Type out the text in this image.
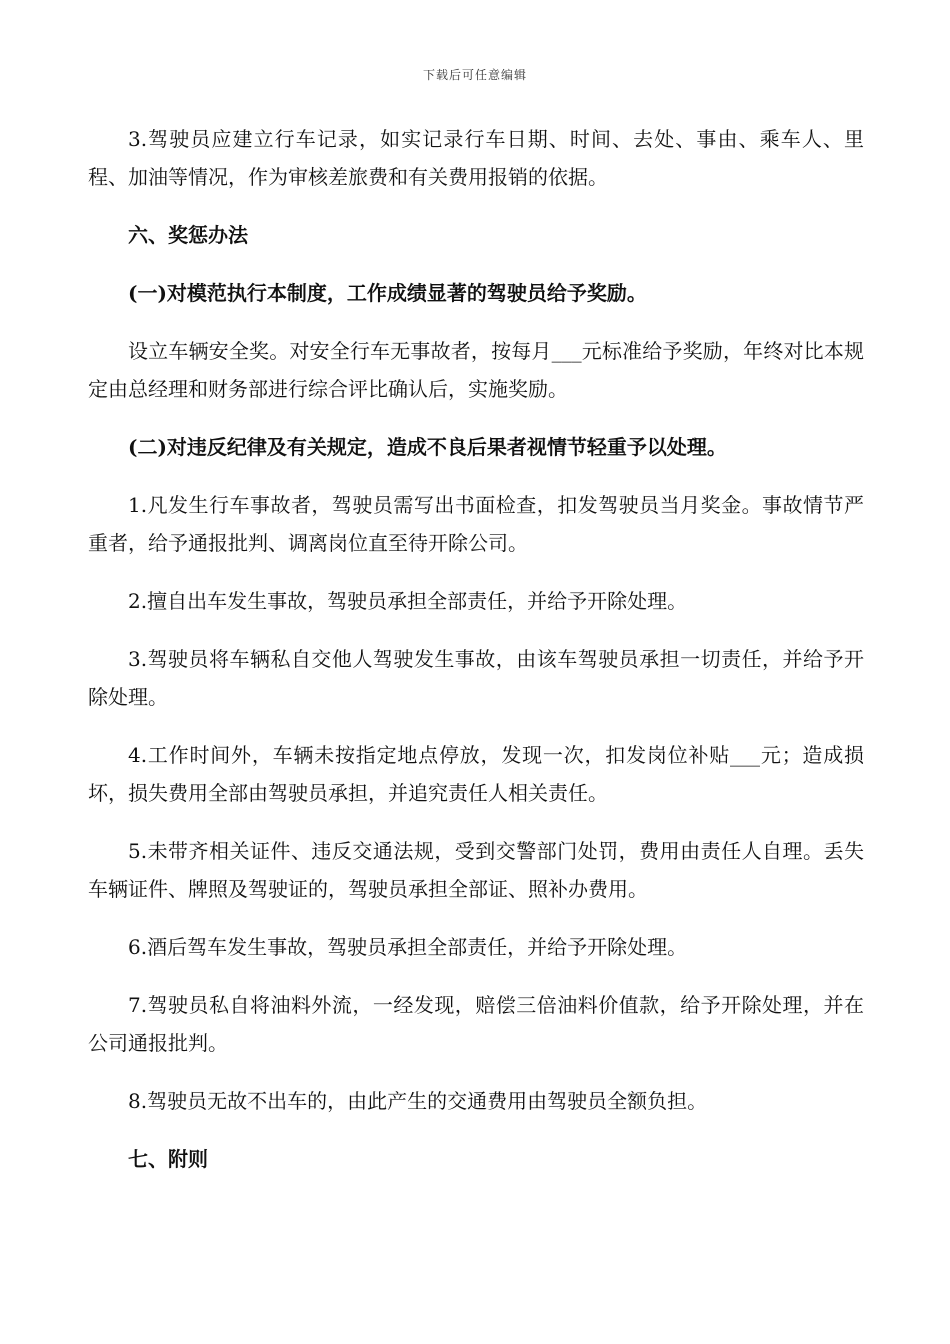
下载后可任意编辑

3.驾驶员应建立行车记录，如实记录行车日期、时间、去处、事由、乘车人、里程、加油等情况，作为审核差旅费和有关费用报销的依据。

六、奖惩办法

(一)对模范执行本制度，工作成绩显著的驾驶员给予奖励。

设立车辆安全奖。对安全行车无事故者，按每月___元标准给予奖励，年终对比本规定由总经理和财务部进行综合评比确认后，实施奖励。

(二)对违反纪律及有关规定，造成不良后果者视情节轻重予以处理。

1.凡发生行车事故者，驾驶员需写出书面检查，扣发驾驶员当月奖金。事故情节严重者，给予通报批判、调离岗位直至待开除公司。

2.擅自出车发生事故，驾驶员承担全部责任，并给予开除处理。

3.驾驶员将车辆私自交他人驾驶发生事故，由该车驾驶员承担一切责任，并给予开除处理。

4.工作时间外，车辆未按指定地点停放，发现一次，扣发岗位补贴___元；造成损坏，损失费用全部由驾驶员承担，并追究责任人相关责任。

5.未带齐相关证件、违反交通法规，受到交警部门处罚，费用由责任人自理。丢失车辆证件、牌照及驾驶证的，驾驶员承担全部证、照补办费用。

6.酒后驾车发生事故，驾驶员承担全部责任，并给予开除处理。

7.驾驶员私自将油料外流，一经发现，赔偿三倍油料价值款，给予开除处理，并在公司通报批判。

8.驾驶员无故不出车的，由此产生的交通费用由驾驶员全额负担。

七、附则
